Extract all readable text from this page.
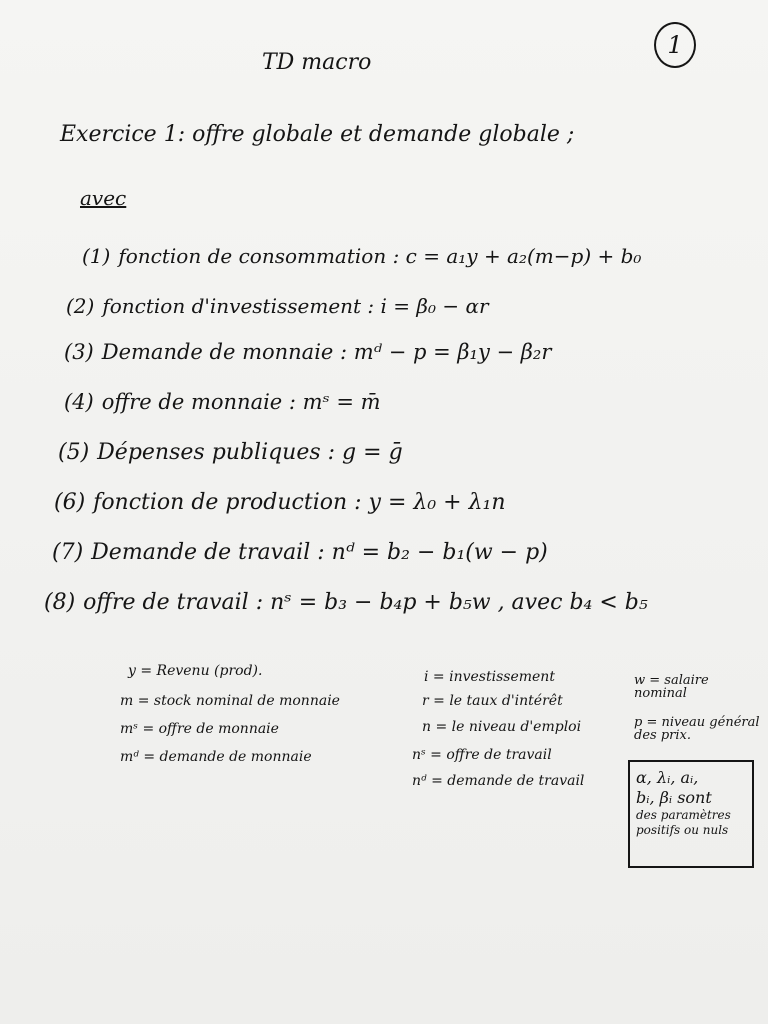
TD macro
1
Exercice 1: offre globale et demande globale ;
avec
(1) fonction de consommation : c = a₁y + a₂(m−p) + b₀
(2) fonction d'investissement : i = β₀ − αr
(3) Demande de monnaie : mᵈ − p = β₁y − β₂r
(4) offre de monnaie : mˢ = m̄
(5) Dépenses publiques : g = ḡ
(6) fonction de production : y = λ₀ + λ₁n
(7) Demande de travail : nᵈ = b₂ − b₁(w − p)
(8) offre de travail : nˢ = b₃ − b₄p + b₅w , avec b₄ < b₅
y = Revenu (prod).
m = stock nominal de monnaie
mˢ = offre de monnaie
mᵈ = demande de monnaie
i = investissement
r = le taux d'intérêt
n = le niveau d'emploi
nˢ = offre de travail
nᵈ = demande de travail
w = salaire nominal
p = niveau général des prix.
α, λᵢ, aᵢ,
bᵢ, βᵢ sont
des paramètres
positifs ou nuls
